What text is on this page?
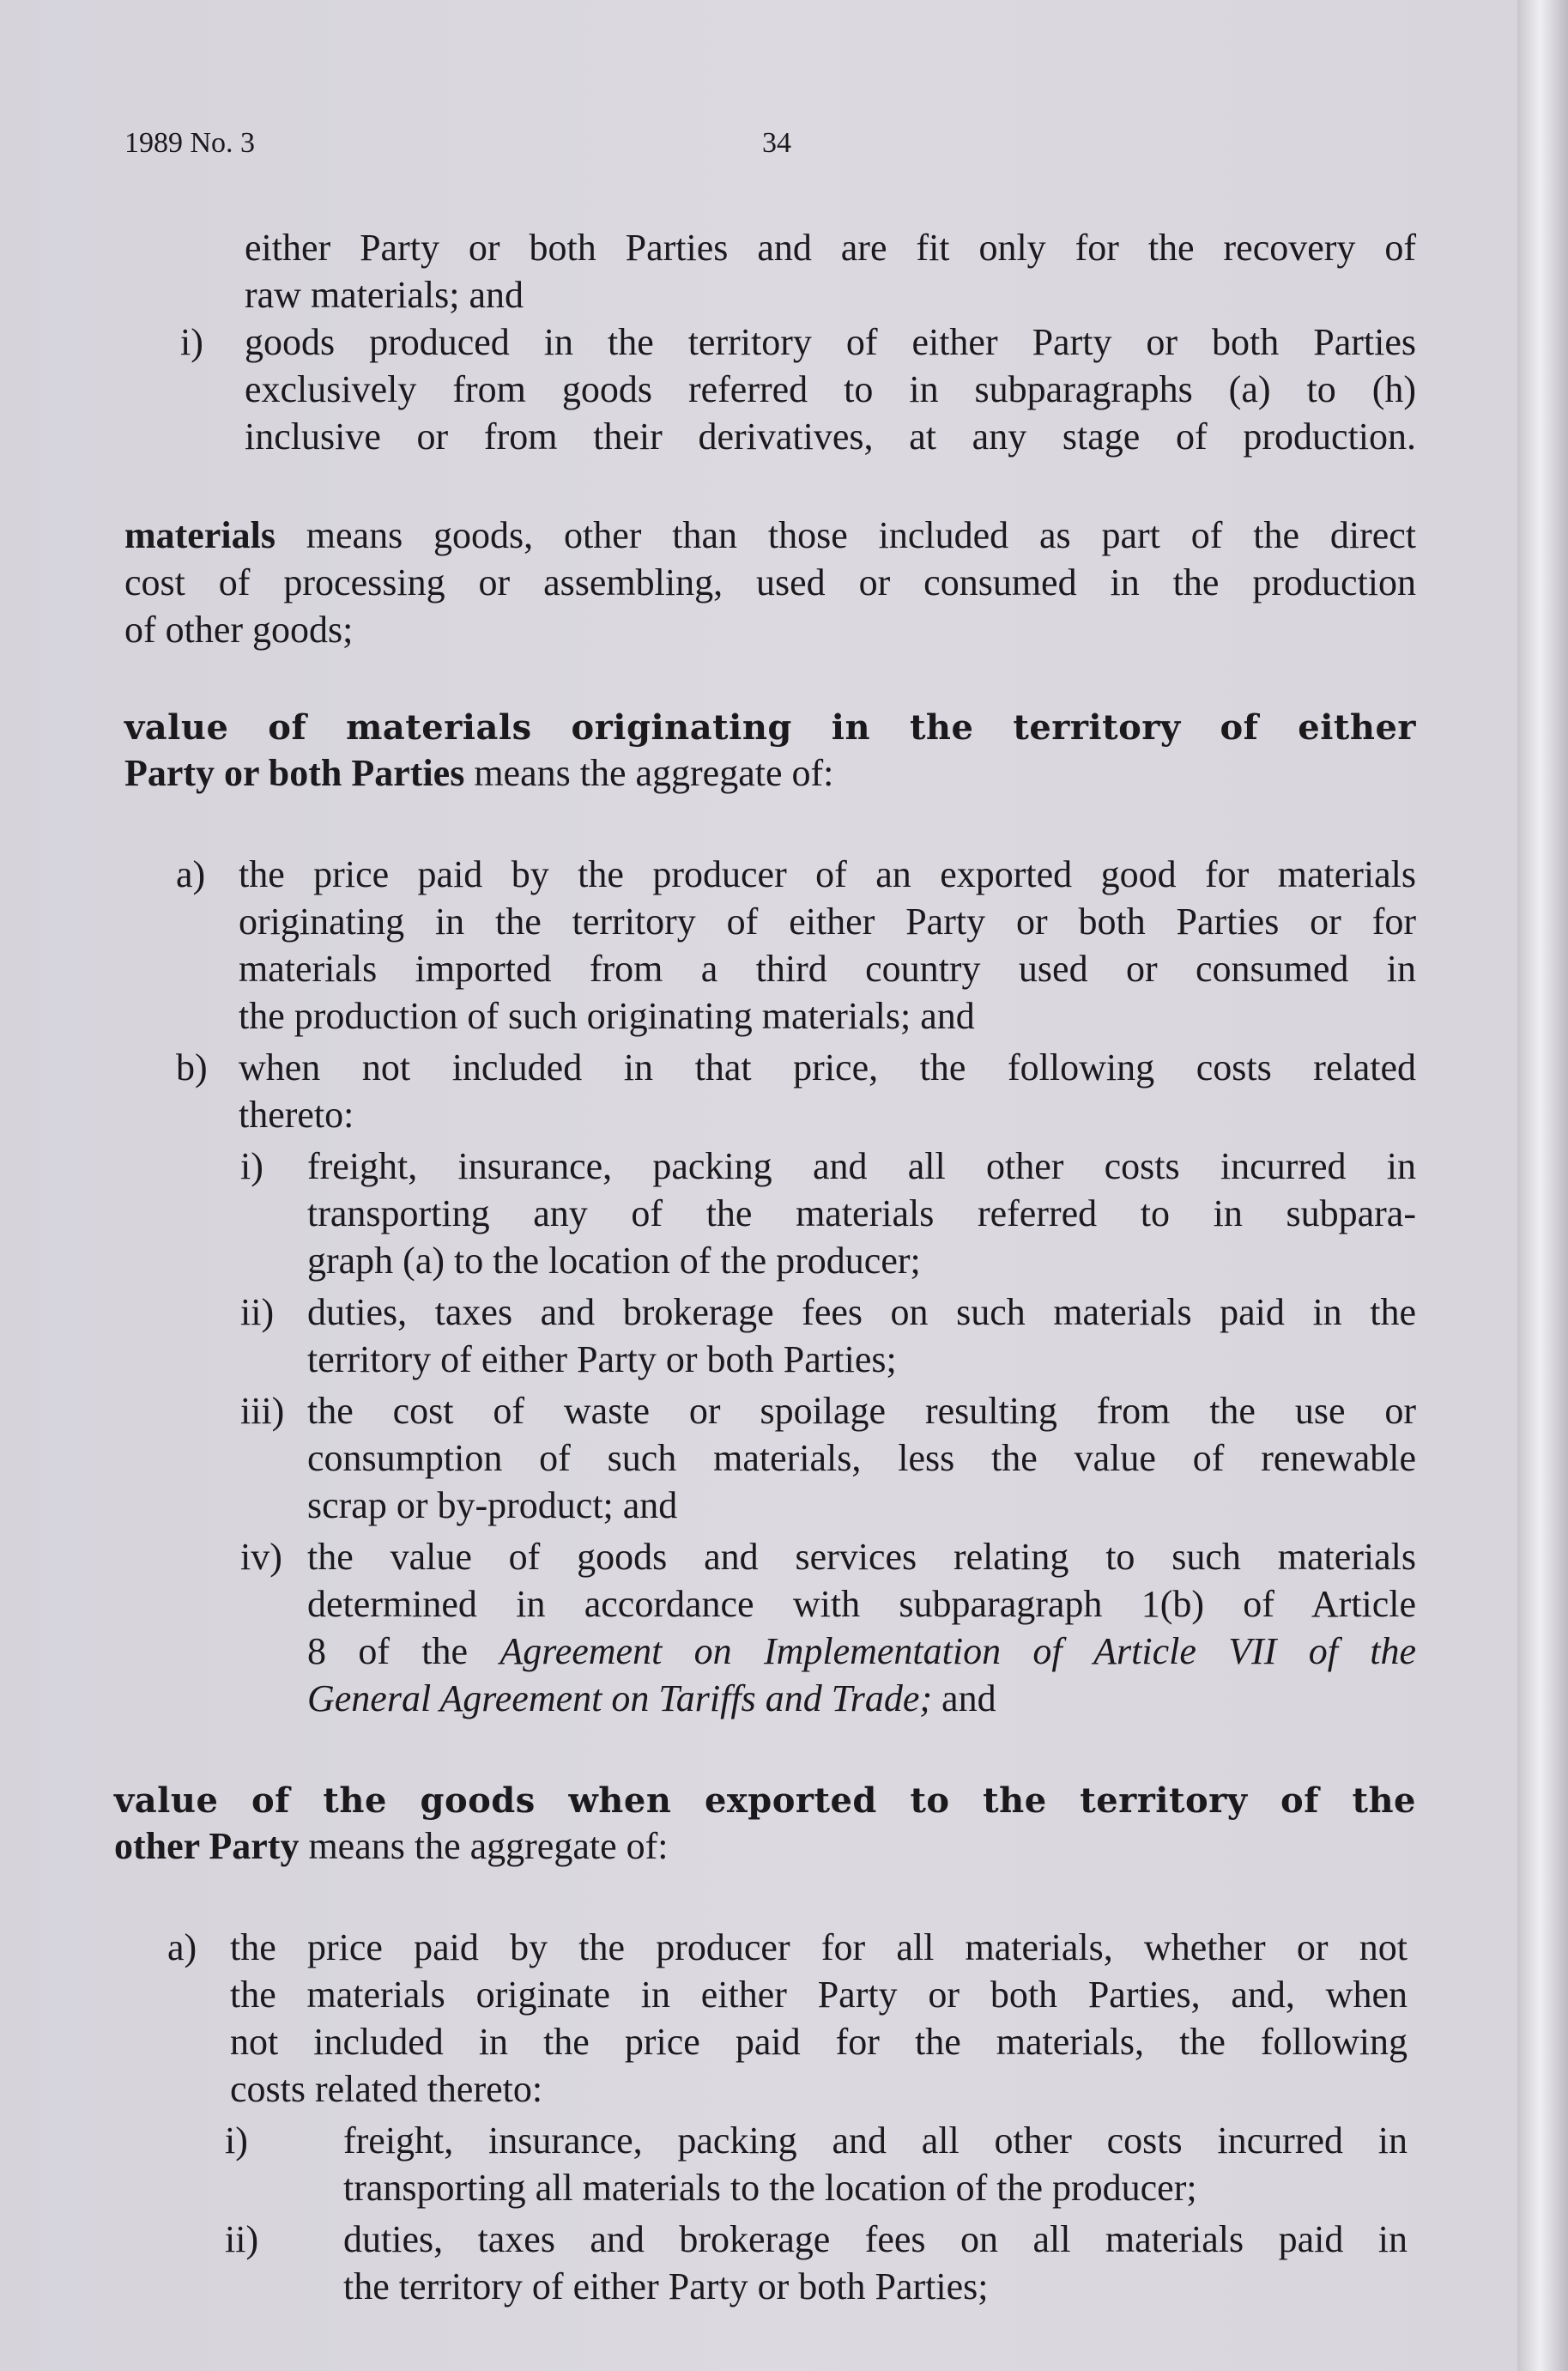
1989 No. 3	34
either Party or both Parties and are fit only for the recovery of
raw materials; and
i) goods produced in the territory of either Party or both Parties
exclusively from goods referred to in subparagraphs (a) to (h)
inclusive or from their derivatives, at any stage of production.
materials means goods, other than those included as part of the direct
cost of processing or assembling, used or consumed in the production
of other goods;
value of materials originating in the territory of either
Party or both Parties means the aggregate of:
a) the price paid by the producer of an exported good for materials
originating in the territory of either Party or both Parties or for
materials imported from a third country used or consumed in
the production of such originating materials; and
b) when not included in that price, the following costs related
thereto:
i) freight, insurance, packing and all other costs incurred in
transporting any of the materials referred to in subpara-
graph (a) to the location of the producer;
ii) duties, taxes and brokerage fees on such materials paid in the
territory of either Party or both Parties;
iii) the cost of waste or spoilage resulting from the use or
consumption of such materials, less the value of renewable
scrap or by-product; and
iv) the value of goods and services relating to such materials
determined in accordance with subparagraph 1(b) of Article
8 of the Agreement on Implementation of Article VII of the
General Agreement on Tariffs and Trade; and
value of the goods when exported to the territory of the
other Party means the aggregate of:
a) the price paid by the producer for all materials, whether or not
the materials originate in either Party or both Parties, and, when
not included in the price paid for the materials, the following
costs related thereto:
i)	freight, insurance, packing and all other costs incurred in
transporting all materials to the location of the producer;
ii) duties, taxes and brokerage fees on all materials paid in
the territory of either Party or both Parties;
